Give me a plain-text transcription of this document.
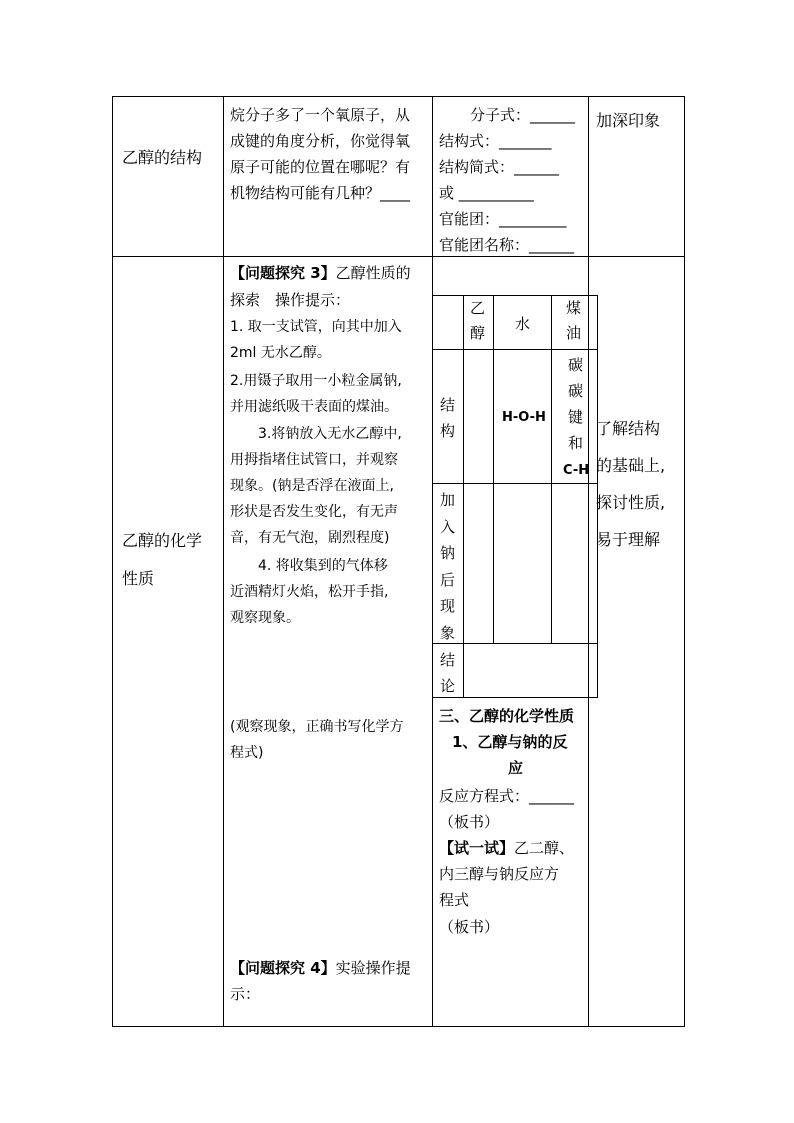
乙醇的结构
烷分子多了一个氧原子，从
成键的角度分析，你觉得氧
原子可能的位置在哪呢？有
机物结构可能有几种？____
分子式：______
结构式：_______
结构简式：______
或 __________
官能团：_________
官能团名称：______
加深印象
乙醇的化学
性质
【问题探究 3】乙醇性质的
探索　操作提示：
1. 取一支试管，向其中加入
2ml 无水乙醇。
2.用镊子取用一小粒金属钠,
并用滤纸吸干表面的煤油。
　　3.将钠放入无水乙醇中,
用拇指堵住试管口，并观察
现象。(钠是否浮在液面上,
形状是否发生变化，有无声
音，有无气泡，剧烈程度)
　　4. 将收集到的气体移
近酒精灯火焰，松开手指,
观察现象。
(观察现象，正确书写化学方
程式)
【问题探究 4】实验操作提
示：
乙醇 水
煤油
结构
加入钠后现象
结论
H-O-H
碳
碳
键
和
C-H
三、乙醇的化学性质
1、乙醇与钠的反
应
反应方程式：______
（板书）
【试一试】乙二醇、
内三醇与钠反应方
程式
（板书）
了解结构
的基础上,
探讨性质,
易于理解
